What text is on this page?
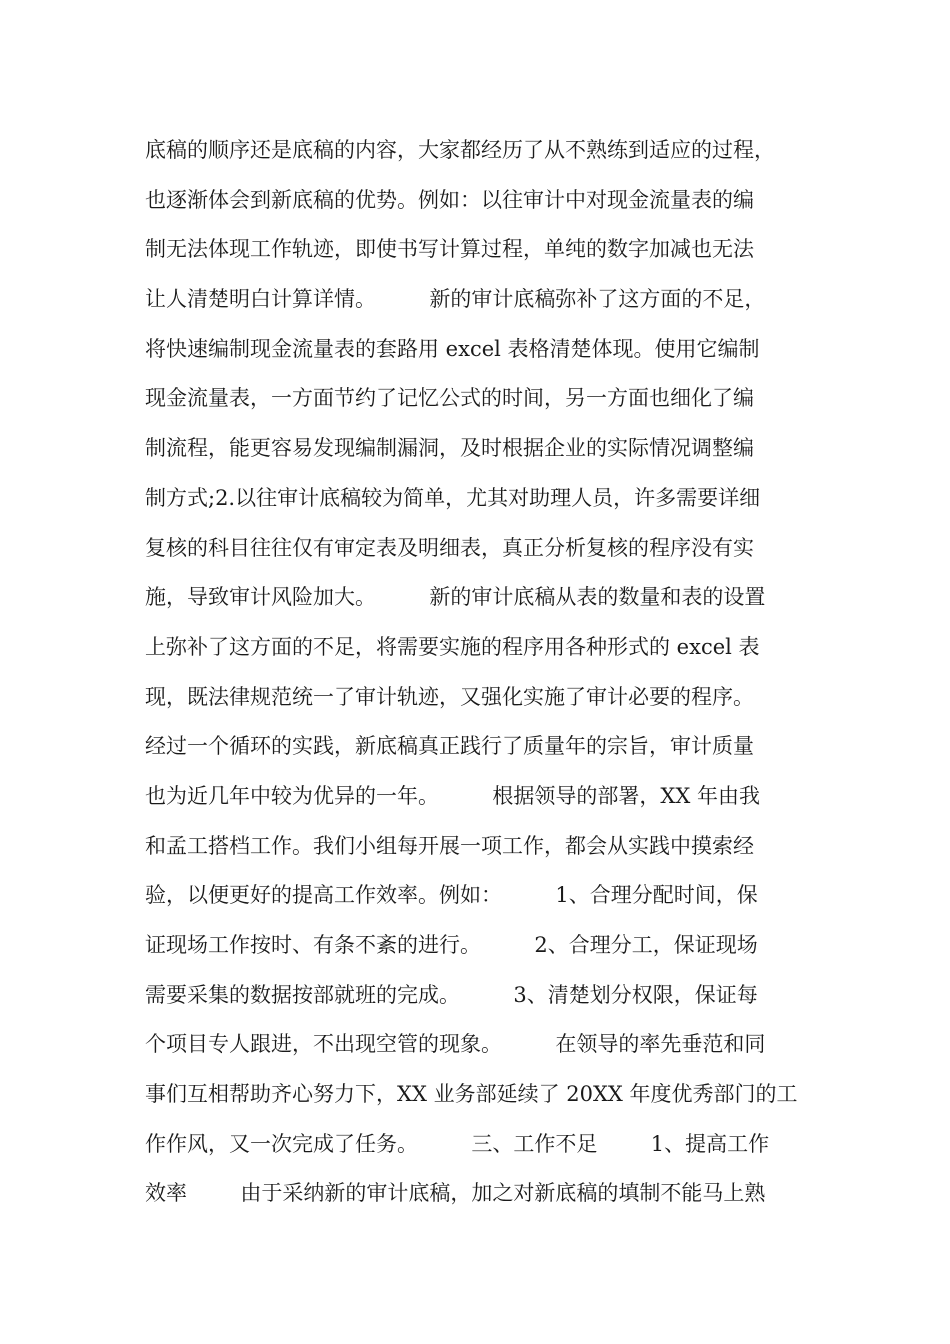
底稿的顺序还是底稿的内容，大家都经历了从不熟练到适应的过程，
也逐渐体会到新底稿的优势。例如：以往审计中对现金流量表的编
制无法体现工作轨迹，即使书写计算过程，单纯的数字加减也无法
让人清楚明白计算详情。        新的审计底稿弥补了这方面的不足，
将快速编制现金流量表的套路用 excel 表格清楚体现。使用它编制
现金流量表，一方面节约了记忆公式的时间，另一方面也细化了编
制流程，能更容易发现编制漏洞，及时根据企业的实际情况调整编
制方式;2.以往审计底稿较为简单，尤其对助理人员，许多需要详细
复核的科目往往仅有审定表及明细表，真正分析复核的程序没有实
施，导致审计风险加大。        新的审计底稿从表的数量和表的设置
上弥补了这方面的不足，将需要实施的程序用各种形式的 excel 表
现，既法律规范统一了审计轨迹，又强化实施了审计必要的程序。
经过一个循环的实践，新底稿真正践行了质量年的宗旨，审计质量
也为近几年中较为优异的一年。        根据领导的部署，XX 年由我
和孟工搭档工作。我们小组每开展一项工作，都会从实践中摸索经
验，以便更好的提高工作效率。例如：        1、合理分配时间，保
证现场工作按时、有条不紊的进行。        2、合理分工，保证现场
需要采集的数据按部就班的完成。        3、清楚划分权限，保证每
个项目专人跟进，不出现空管的现象。        在领导的率先垂范和同
事们互相帮助齐心努力下，XX 业务部延续了 20XX 年度优秀部门的工
作作风，又一次完成了任务。        三、工作不足        1、提高工作
效率        由于采纳新的审计底稿，加之对新底稿的填制不能马上熟
